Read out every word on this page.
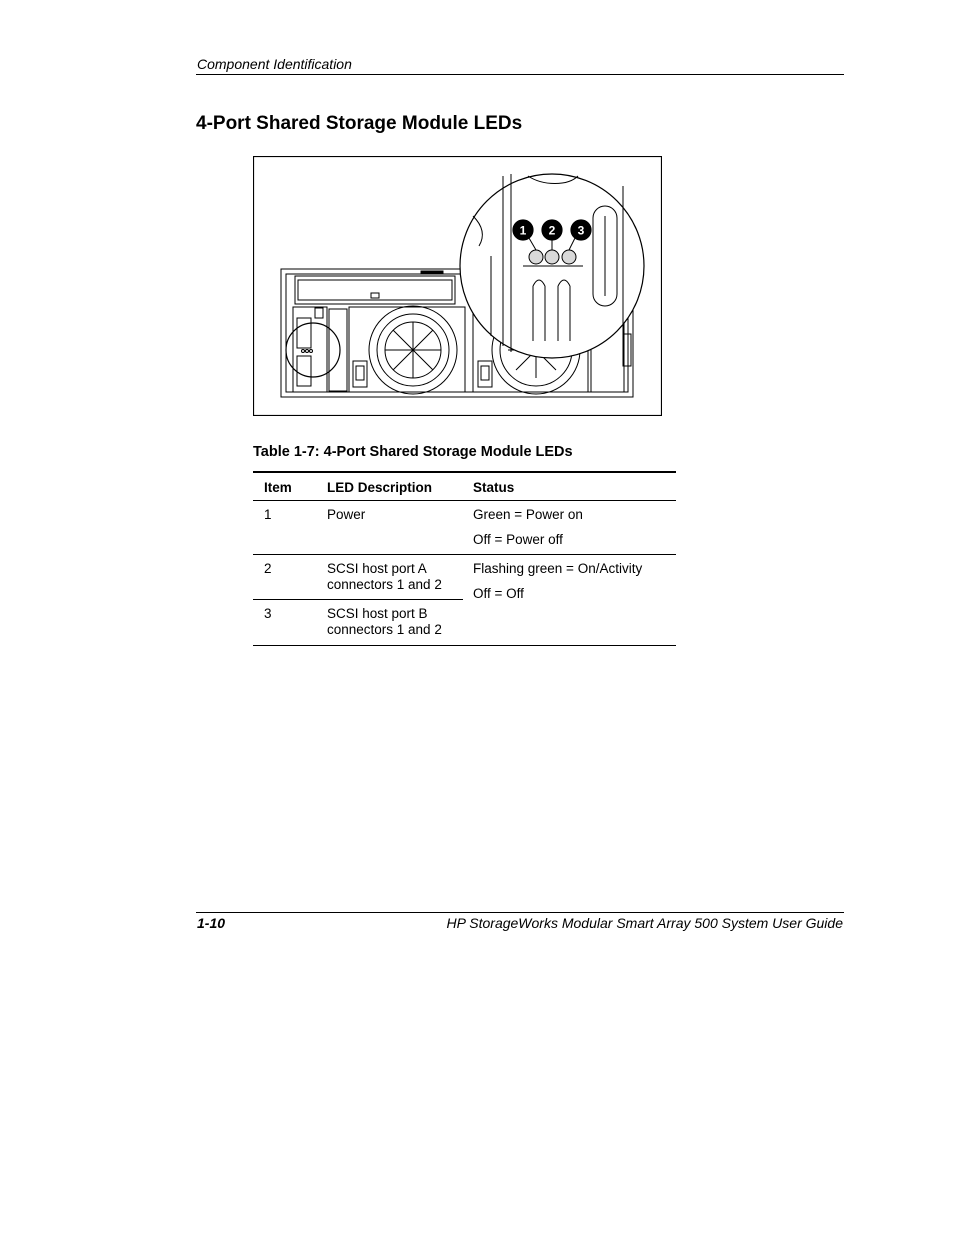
Component Identification
4-Port Shared Storage Module LEDs
1 2 3
Table 1-7: 4-Port Shared Storage Module LEDs
Item	LED Description	Status
1	Power	Green = Power on
Off = Power off

2	SCSI host port A connectors 1 and 2	Flashing green = On/Activity
Off = Off

3	SCSI host port B connectors 1 and 2	
1-10	HP StorageWorks Modular Smart Array 500 System User Guide
